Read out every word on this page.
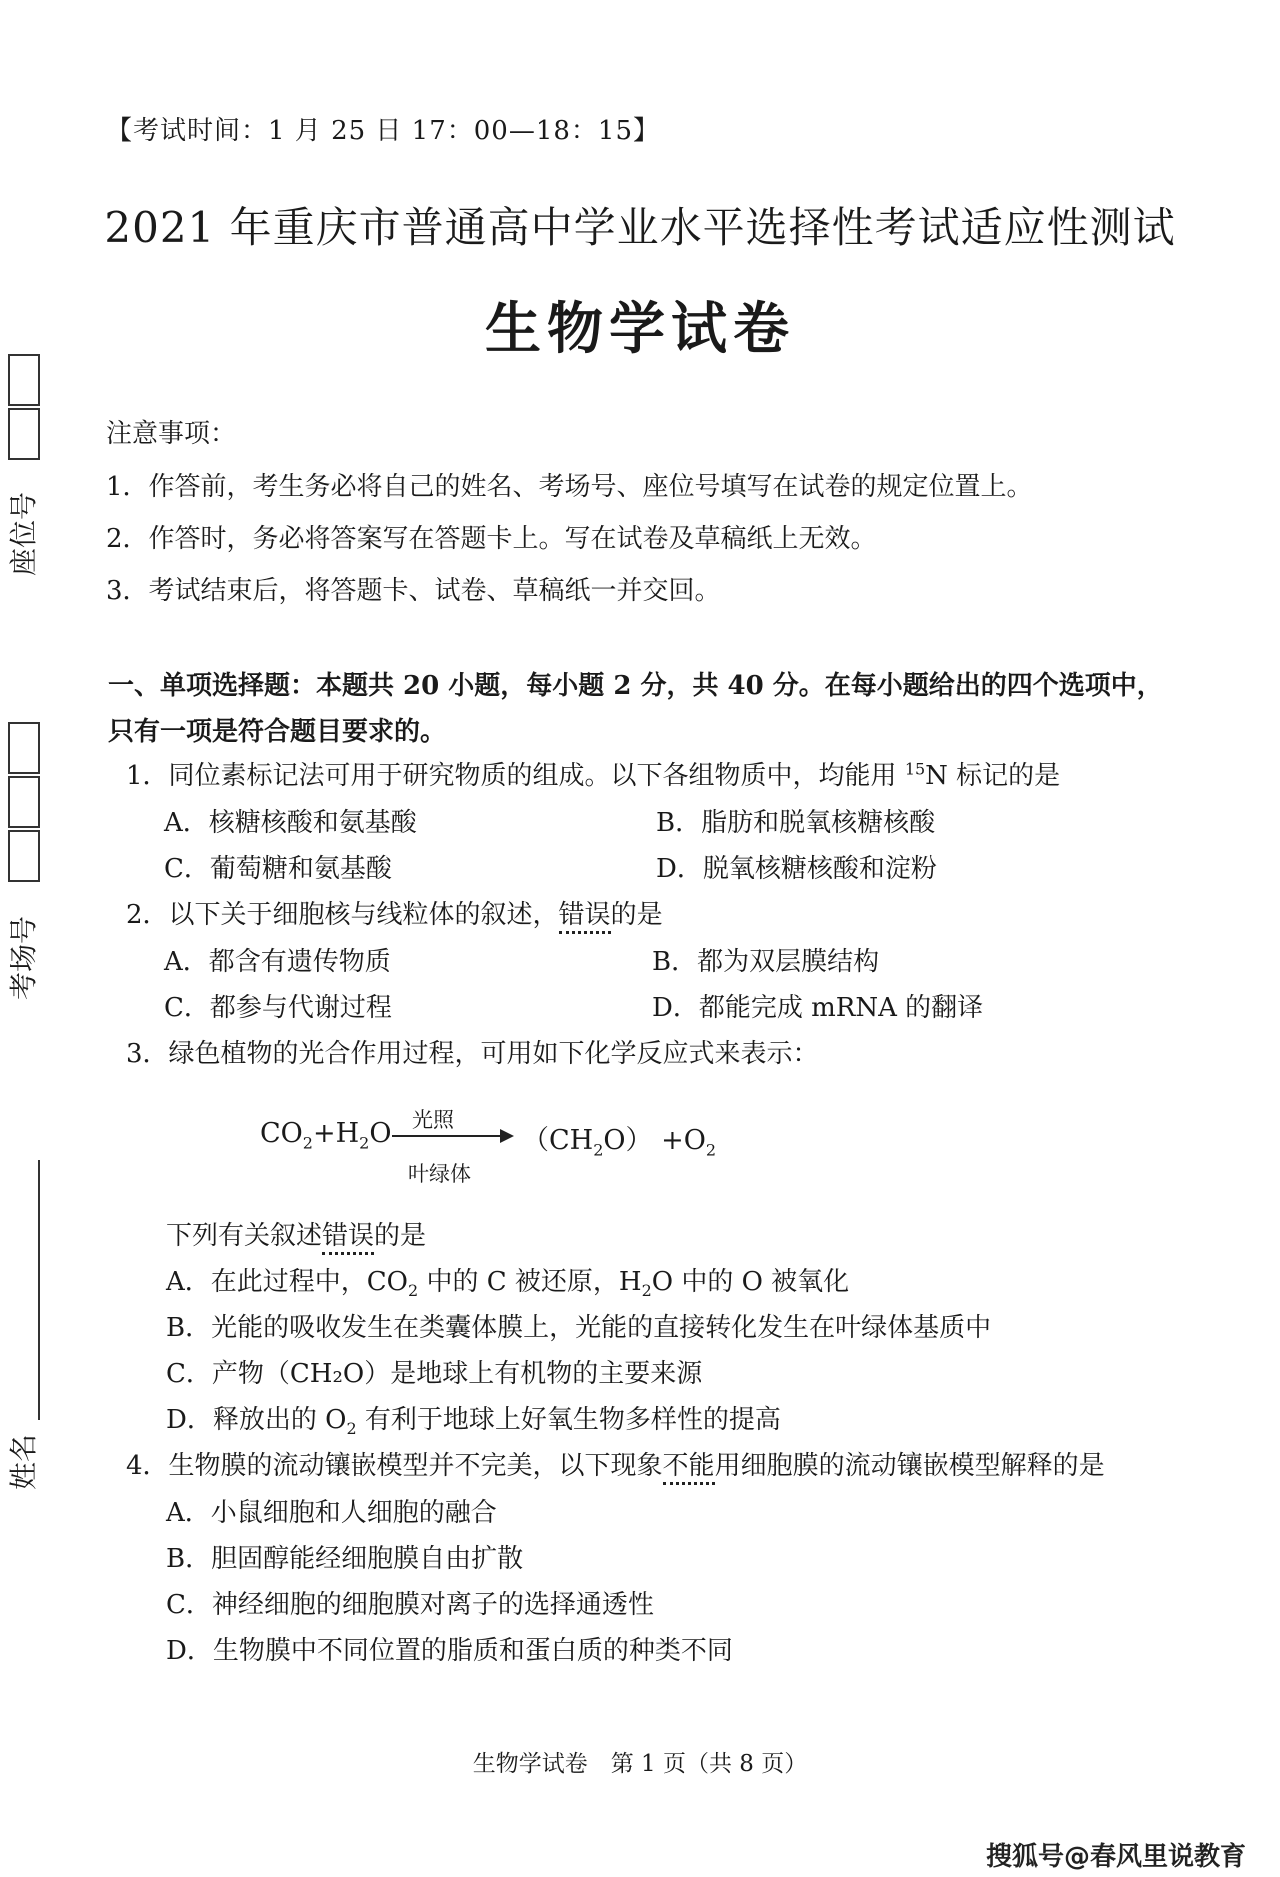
【考试时间：1 月 25 日 17：00—18：15】
2021 年重庆市普通高中学业水平选择性考试适应性测试
生物学试卷
座位号
考场号
姓名
注意事项：
1．作答前，考生务必将自己的姓名、考场号、座位号填写在试卷的规定位置上。
2．作答时，务必将答案写在答题卡上。写在试卷及草稿纸上无效。
3．考试结束后，将答题卡、试卷、草稿纸一并交回。
一、单项选择题：本题共 20 小题，每小题 2 分，共 40 分。在每小题给出的四个选项中，只有一项是符合题目要求的。
1．同位素标记法可用于研究物质的组成。以下各组物质中，均能用 $^{15}$N 标记的是
A．核糖核酸和氨基酸	B．脂肪和脱氧核糖核酸
C．葡萄糖和氨基酸	D．脱氧核糖核酸和淀粉
2．以下关于细胞核与线粒体的叙述，错误的是
A．都含有遗传物质	B．都为双层膜结构
C．都参与代谢过程	D．都能完成 mRNA 的翻译
3．绿色植物的光合作用过程，可用如下化学反应式来表示：
$CO_2+H_2O$ 光照
叶绿体
$(CH_2O) +O_2$
下列有关叙述错误的是
A．在此过程中，$CO_2$ 中的 C 被还原，$H_2O$ 中的 O 被氧化
B．光能的吸收发生在类囊体膜上，光能的直接转化发生在叶绿体基质中
C．产物（CH₂O）是地球上有机物的主要来源
D．释放出的 $O_2$ 有利于地球上好氧生物多样性的提高
4．生物膜的流动镶嵌模型并不完美，以下现象不能用细胞膜的流动镶嵌模型解释的是
A．小鼠细胞和人细胞的融合
B．胆固醇能经细胞膜自由扩散
C．神经细胞的细胞膜对离子的选择通透性
D．生物膜中不同位置的脂质和蛋白质的种类不同
生物学试卷　第 1 页（共 8 页）
搜狐号@春风里说教育
